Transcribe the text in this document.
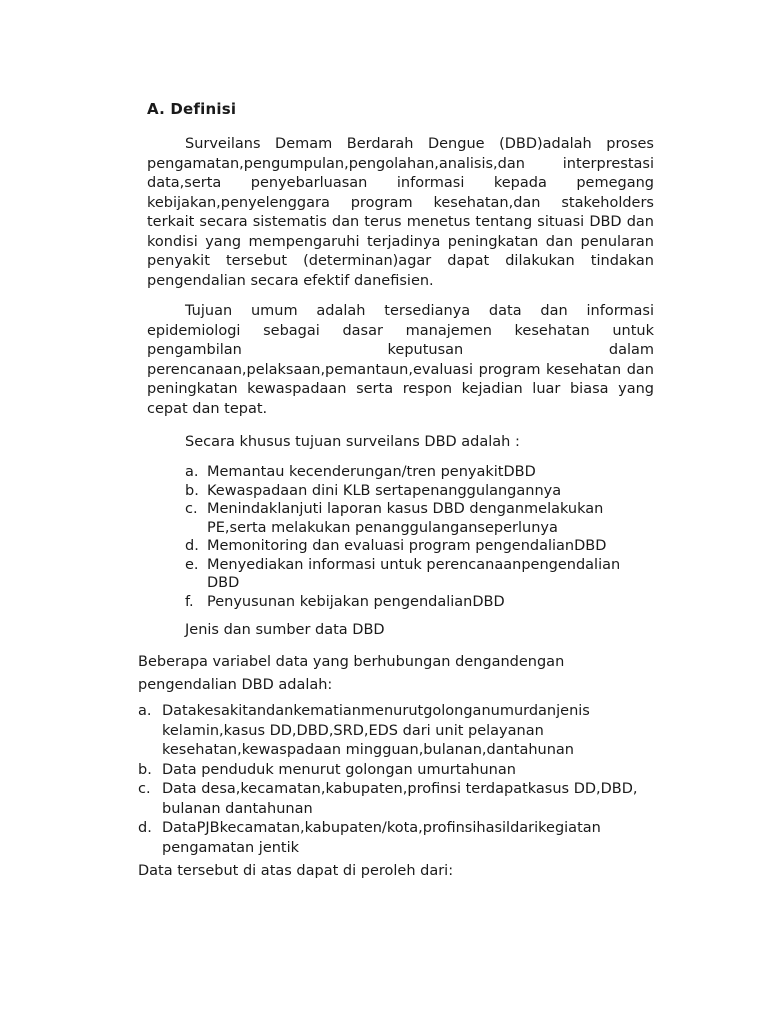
A. Definisi

Surveilans Demam Berdarah Dengue (DBD)adalah proses pengamatan,pengumpulan,pengolahan,analisis,dan interprestasi data,serta penyebarluasan informasi kepada pemegang kebijakan,penyelenggara program kesehatan,dan stakeholders terkait secara sistematis dan terus menetus tentang situasi DBD dan kondisi yang mempengaruhi terjadinya peningkatan dan penularan penyakit tersebut (determinan)agar dapat dilakukan tindakan pengendalian secara efektif danefisien.

Tujuan umum adalah tersedianya data dan informasi epidemiologi sebagai dasar manajemen kesehatan untuk pengambilan keputusan dalam perencanaan,pelaksaan,pemantaun,evaluasi program kesehatan dan peningkatan kewaspadaan serta respon kejadian luar biasa yang cepat dan tepat.

Secara khusus tujuan surveilans DBD adalah :

a. Memantau kecenderungan/tren penyakitDBD
b. Kewaspadaan dini KLB sertapenanggulangannya
c. Menindaklanjuti laporan kasus DBD denganmelakukan PE,serta melakukan penanggulanganseperlunya
d. Memonitoring dan evaluasi program pengendalianDBD
e. Menyediakan informasi untuk perencanaanpengendalian DBD
f. Penyusunan kebijakan pengendalianDBD

Jenis dan sumber data DBD

Beberapa variabel data yang berhubungan dengandengan pengendalian DBD adalah:

a. Datakesakitandankematianmenurutgolonganumurdanjenis kelamin,kasus DD,DBD,SRD,EDS dari unit pelayanan kesehatan,kewaspadaan mingguan,bulanan,dantahunan
b. Data penduduk menurut golongan umurtahunan
c. Data desa,kecamatan,kabupaten,profinsi terdapatkasus DD,DBD, bulanan dantahunan
d. DataPJBkecamatan,kabupaten/kota,profinsihasildarikegiatan pengamatan jentik

Data tersebut di atas dapat di peroleh dari:
